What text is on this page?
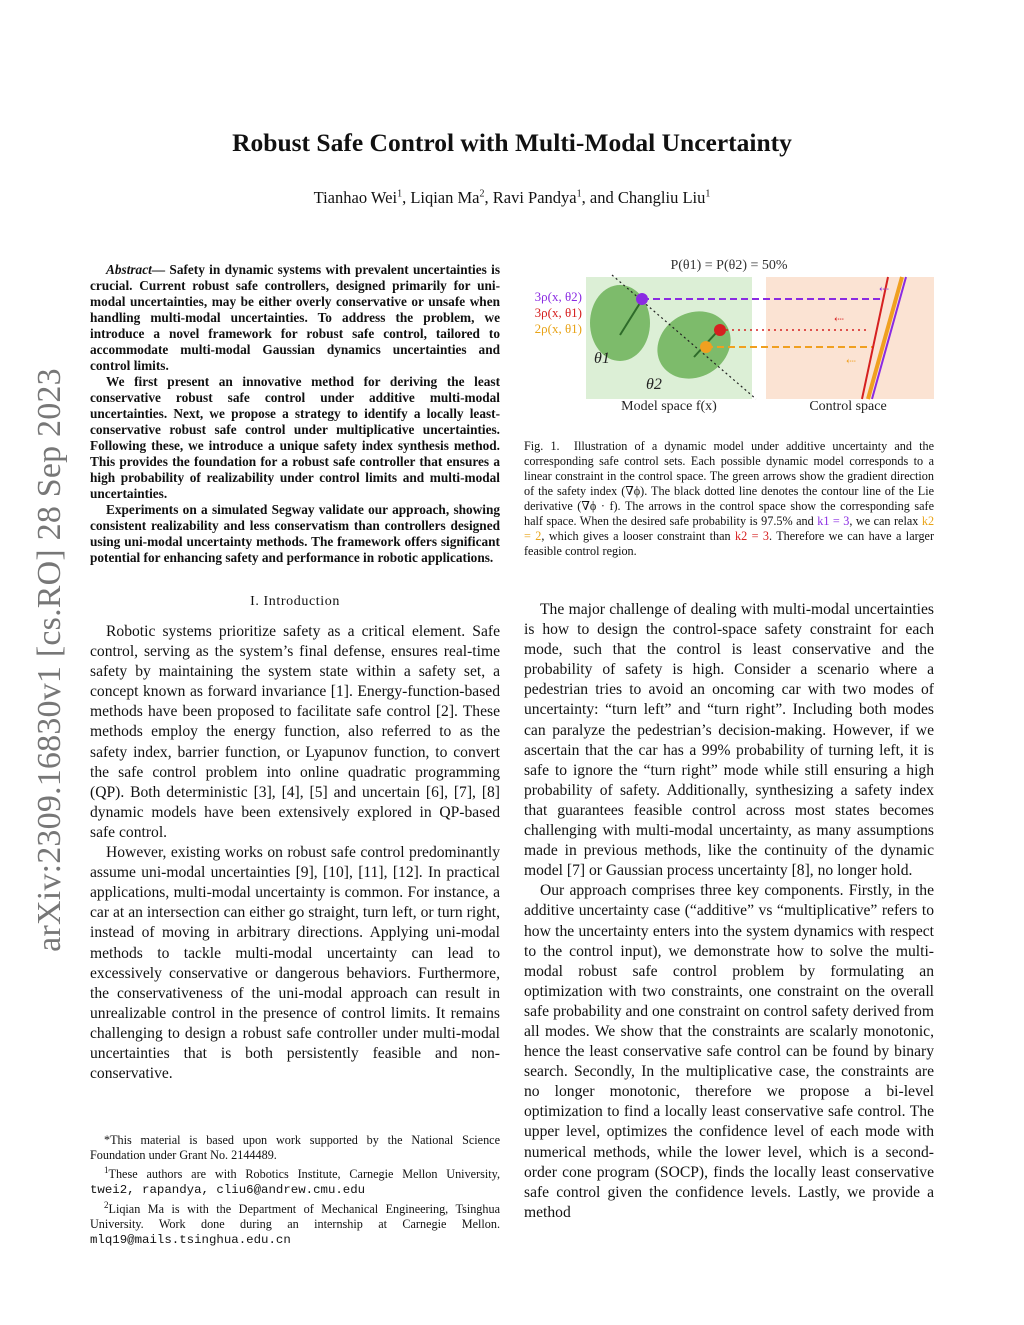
arXiv:2309.16830v1 [cs.RO] 28 Sep 2023
Robust Safe Control with Multi-Modal Uncertainty
Tianhao Wei$^1$, Liqian Ma$^2$, Ravi Pandya$^1$, and Changliu Liu$^1$

Abstract— Safety in dynamic systems with prevalent uncertainties is crucial. Current robust safe controllers, designed primarily for uni-modal uncertainties, may be either overly conservative or unsafe when handling multi-modal uncertainties. To address the problem, we introduce a novel framework for robust safe control, tailored to accommodate multi-modal Gaussian dynamics uncertainties and control limits.

We first present an innovative method for deriving the least conservative robust safe control under additive multi-modal uncertainties. Next, we propose a strategy to identify a locally least-conservative robust safe control under multiplicative uncertainties. Following these, we introduce a unique safety index synthesis method. This provides the foundation for a robust safe controller that ensures a high probability of realizability under control limits and multi-modal uncertainties.

Experiments on a simulated Segway validate our approach, showing consistent realizability and less conservatism than controllers designed using uni-modal uncertainty methods. The framework offers significant potential for enhancing safety and performance in robotic applications.

I. Introduction

Robotic systems prioritize safety as a critical element. Safe control, serving as the system’s final defense, ensures real-time safety by maintaining the system state within a safety set, a concept known as forward invariance [1]. Energy-function-based methods have been proposed to facilitate safe control [2]. These methods employ the energy function, also referred to as the safety index, barrier function, or Lyapunov function, to convert the safe control problem into online quadratic programming (QP). Both deterministic [3], [4], [5] and uncertain [6], [7], [8] dynamic models have been extensively explored in QP-based safe control.

However, existing works on robust safe control predominantly assume uni-modal uncertainties [9], [10], [11], [12]. In practical applications, multi-modal uncertainty is common. For instance, a car at an intersection can either go straight, turn left, or turn right, instead of moving in arbitrary directions. Applying uni-modal methods to tackle multi-modal uncertainty can lead to excessively conservative or dangerous behaviors. Furthermore, the conservativeness of the uni-modal approach can result in unrealizable control in the presence of control limits. It remains challenging to design a robust safe controller under multi-modal uncertainties that is both persistently feasible and non-conservative.

*This material is based upon work supported by the National Science Foundation under Grant No. 2144489.

$^1$These authors are with Robotics Institute, Carnegie Mellon University, twei2, rapandya, cliu6@andrew.cmu.edu

$^2$Liqian Ma is with the Department of Mechanical Engineering, Tsinghua University. Work done during an internship at Carnegie Mellon. mlq19@mails.tsinghua.edu.cn

P(θ1) = P(θ2) = 50%
⇠
⇠
⇠
3ρ(x, θ2)
3ρ(x, θ1)
2ρ(x, θ1)
θ1
θ2
Model space f(x)	Control space

Fig. 1. Illustration of a dynamic model under additive uncertainty and the corresponding safe control sets. Each possible dynamic model corresponds to a linear constraint in the control space. The green arrows show the gradient direction of the safety index (∇ϕ). The black dotted line denotes the contour line of the Lie derivative (∇ϕ · f). The arrows in the control space show the corresponding safe half space. When the desired safe probability is 97.5% and k1 = 3, we can relax k2 = 2, which gives a looser constraint than k2 = 3. Therefore we can have a larger feasible control region.

The major challenge of dealing with multi-modal uncertainties is how to design the control-space safety constraint for each mode, such that the control is least conservative and the probability of safety is high. Consider a scenario where a pedestrian tries to avoid an oncoming car with two modes of uncertainty: “turn left” and “turn right”. Including both modes can paralyze the pedestrian’s decision-making. However, if we ascertain that the car has a 99% probability of turning left, it is safe to ignore the “turn right” mode while still ensuring a high probability of safety. Additionally, synthesizing a safety index that guarantees feasible control across most states becomes challenging with multi-modal uncertainty, as many assumptions made in previous methods, like the continuity of the dynamic model [7] or Gaussian process uncertainty [8], no longer hold.

Our approach comprises three key components. Firstly, in the additive uncertainty case (“additive” vs “multiplicative” refers to how the uncertainty enters into the system dynamics with respect to the control input), we demonstrate how to solve the multi-modal robust safe control problem by formulating an optimization with two constraints, one constraint on the overall safe probability and one constraint on control safety derived from all modes. We show that the constraints are scalarly monotonic, hence the least conservative safe control can be found by binary search. Secondly, In the multiplicative case, the constraints are no longer monotonic, therefore we propose a bi-level optimization to find a locally least conservative safe control. The upper level, optimizes the confidence level of each mode with numerical methods, while the lower level, which is a second-order cone program (SOCP), finds the locally least conservative safe control given the confidence levels. Lastly, we provide a method
